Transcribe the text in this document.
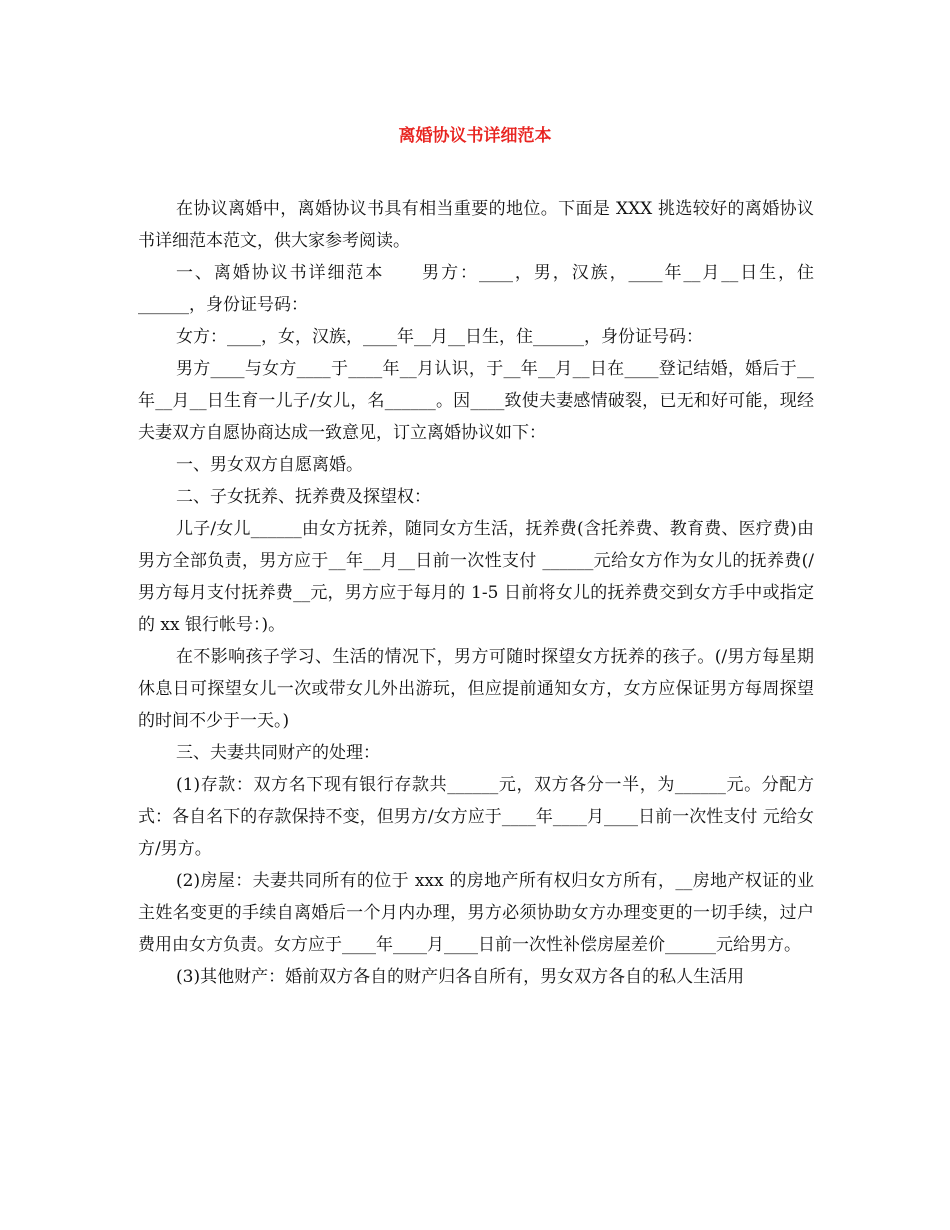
离婚协议书详细范本

在协议离婚中，离婚协议书具有相当重要的地位。下面是 XXX 挑选较好的离婚协议书详细范本范文，供大家参考阅读。

一、离婚协议书详细范本　　男方：____，男，汉族，____年__月__日生，住______，身份证号码：

女方：____，女，汉族，____年__月__日生，住______，身份证号码：

男方____与女方____于____年__月认识，于__年__月__日在____登记结婚，婚后于__年__月__日生育一儿子/女儿，名______。因____致使夫妻感情破裂，已无和好可能，现经夫妻双方自愿协商达成一致意见，订立离婚协议如下：

一、男女双方自愿离婚。

二、子女抚养、抚养费及探望权：

儿子/女儿______由女方抚养，随同女方生活，抚养费(含托养费、教育费、医疗费)由男方全部负责，男方应于__年__月__日前一次性支付 ______元给女方作为女儿的抚养费(/男方每月支付抚养费__元，男方应于每月的 1-5 日前将女儿的抚养费交到女方手中或指定的 xx 银行帐号：)。

在不影响孩子学习、生活的情况下，男方可随时探望女方抚养的孩子。(/男方每星期休息日可探望女儿一次或带女儿外出游玩，但应提前通知女方，女方应保证男方每周探望的时间不少于一天。)

三、夫妻共同财产的处理：

(1)存款：双方名下现有银行存款共______元，双方各分一半，为______元。分配方式：各自名下的存款保持不变，但男方/女方应于____年____月____日前一次性支付 元给女方/男方。

(2)房屋：夫妻共同所有的位于 xxx 的房地产所有权归女方所有，__房地产权证的业主姓名变更的手续自离婚后一个月内办理，男方必须协助女方办理变更的一切手续，过户费用由女方负责。女方应于____年____月____日前一次性补偿房屋差价______元给男方。

(3)其他财产：婚前双方各自的财产归各自所有，男女双方各自的私人生活用
